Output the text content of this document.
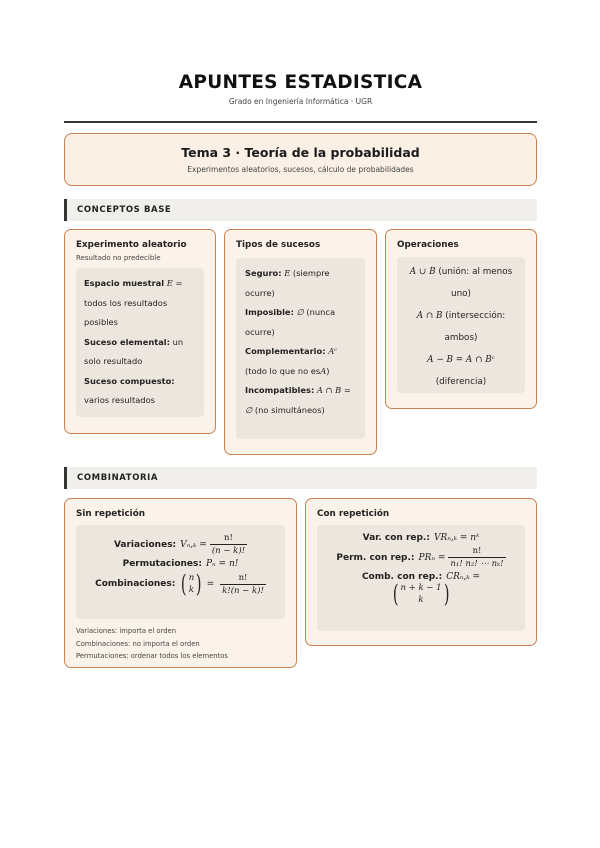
APUNTES ESTADISTICA
Grado en Ingeniería Informática · UGR
Tema 3 · Teoría de la probabilidad
Experimentos aleatorios, sucesos, cálculo de probabilidades
CONCEPTOS BASE
Experimento aleatorio
Resultado no predecible
Espacio muestral E = todos los resultados posibles
Suceso elemental: un solo resultado
Suceso compuesto: varios resultados
Tipos de sucesos
Seguro: E (siempre ocurre)
Imposible: ∅ (nunca ocurre)
Complementario: Aᶜ (todo lo que no esA)
Incompatibles: A ∩ B = ∅ (no simultáneos)
Operaciones
A ∪ B (unión: al menos uno)
A ∩ B (intersección: ambos)
A − B = A ∩ Bᶜ (diferencia)
COMBINATORIA
Sin repetición
Variaciones: $V_n,_k = \frac{n!}{(n - k)!}$
Permutaciones: Pₙ = n!
Combinaciones: ( n
k ) = $\frac{n!}{k!(n - k)!}$
Variaciones: importa el orden
Combinaciones: no importa el orden
Permutaciones: ordenar todos los elementos
Con repetición
Var. con rep.: VRₙ,ₖ = nᵏ
Perm. con rep.: $PR_n = \frac{n!}{\text{n₁! n₂! ⋯ nₖ!}}$
Comb. con rep.: CRₙ,ₖ =
( n + k − 1
k )
